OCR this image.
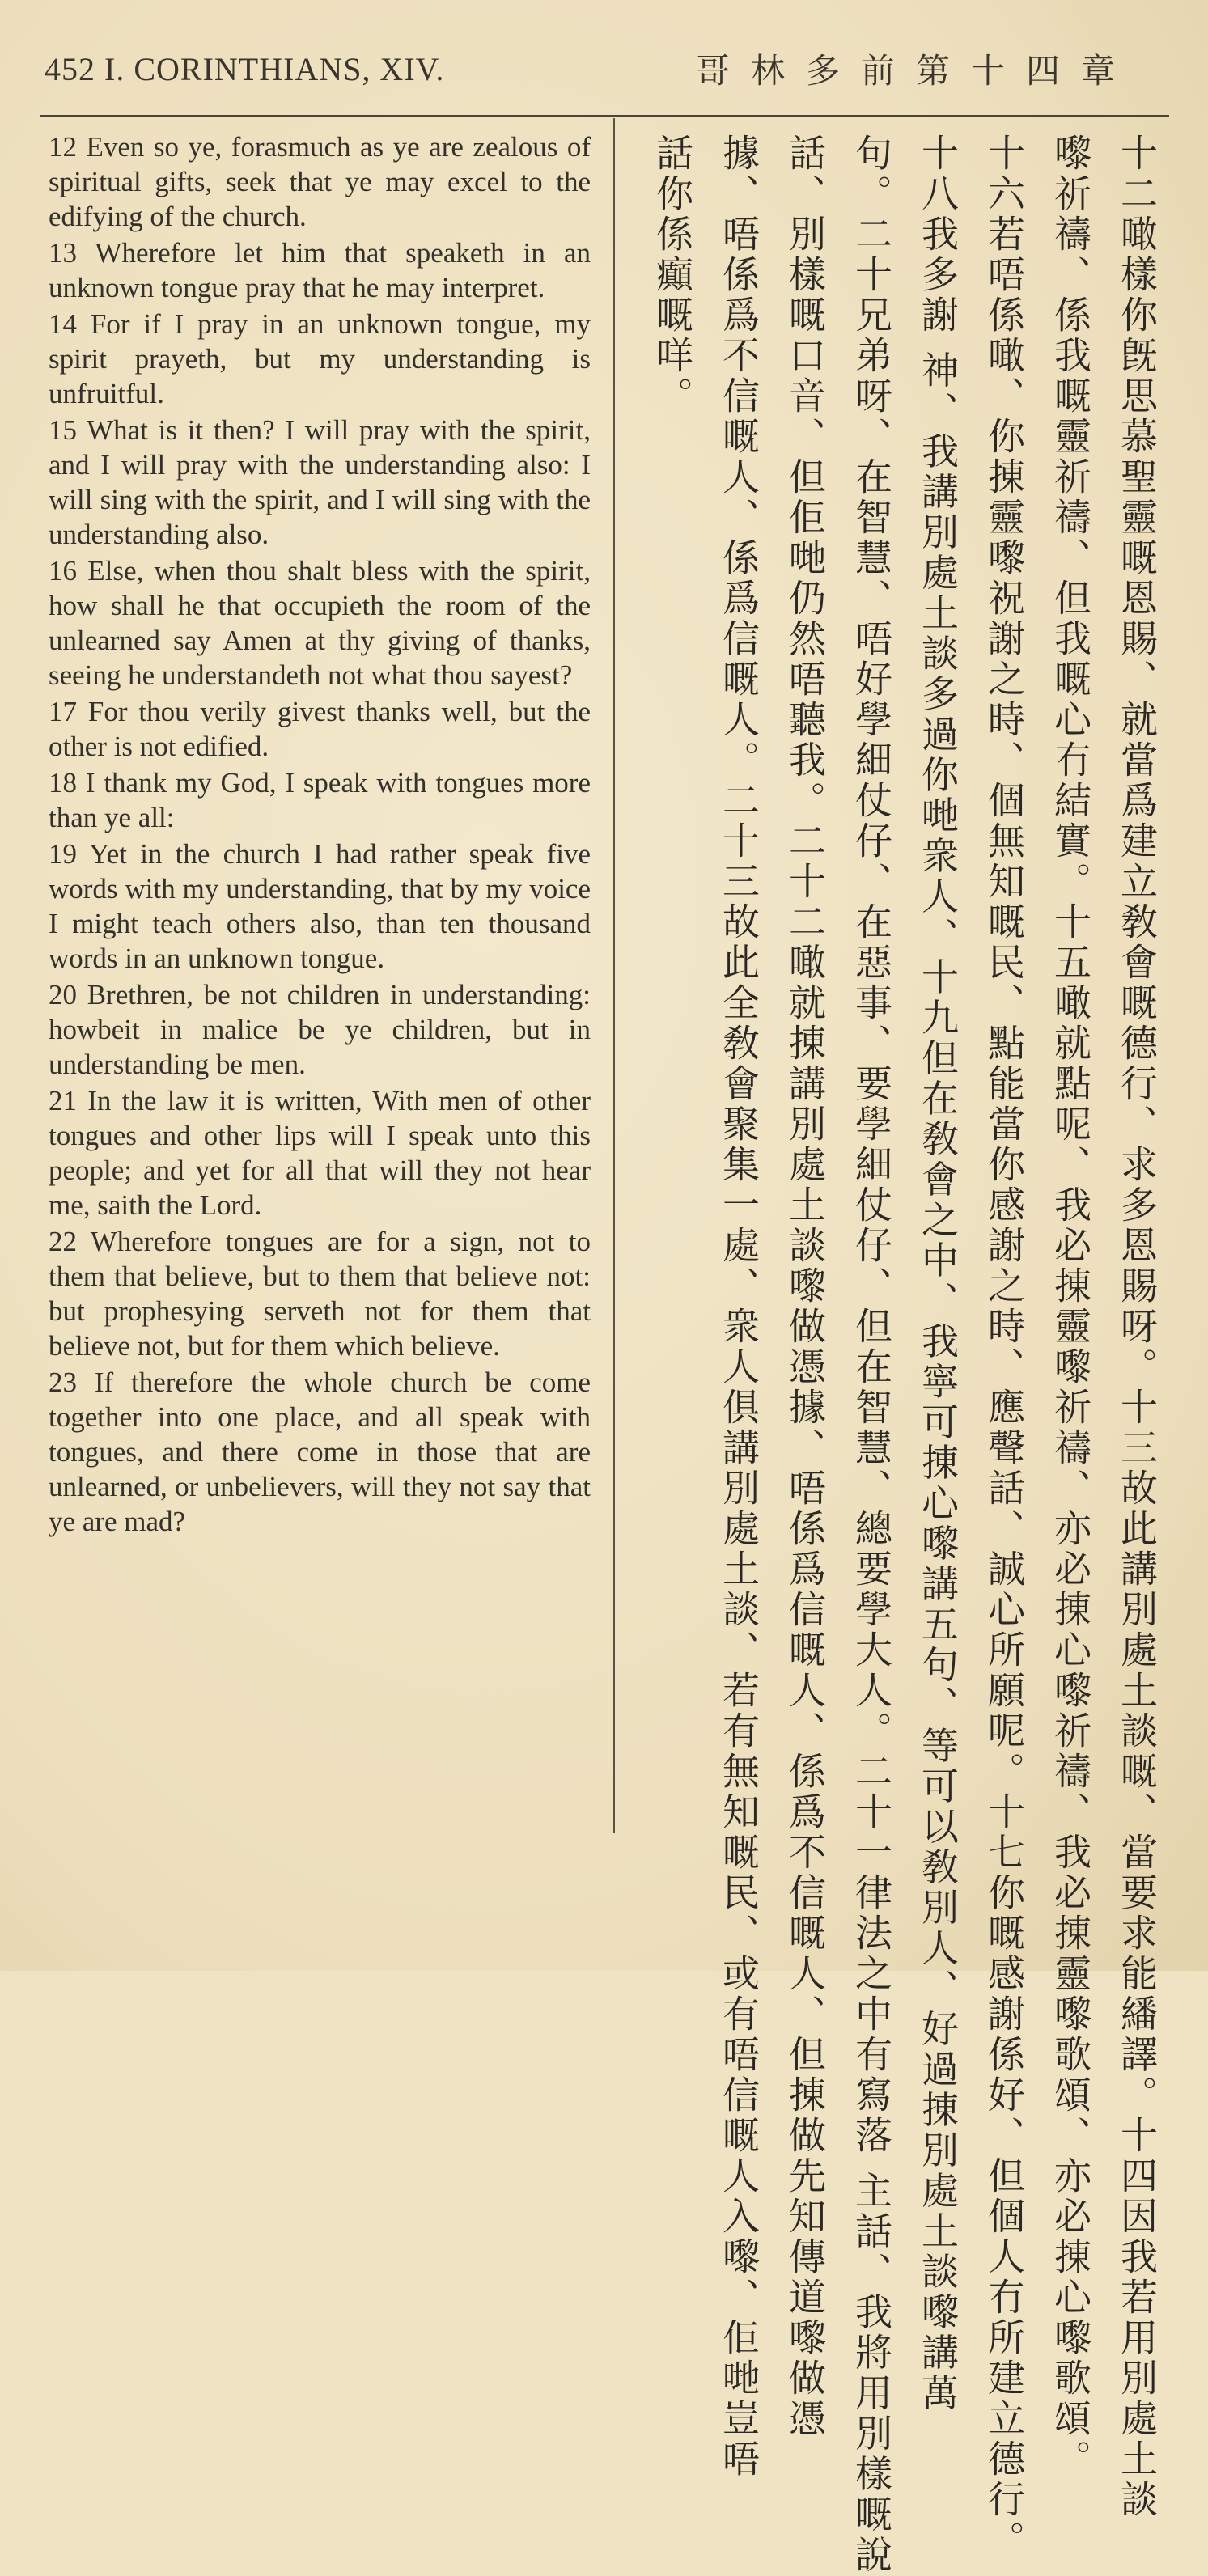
452 I. CORINTHIANS, XIV.	哥林多前第十四章

12 Even so ye, forasmuch as ye are zealous of spiritual gifts, seek that ye may excel to the edifying of the church.

13 Wherefore let him that speaketh in an unknown tongue pray that he may interpret.

14 For if I pray in an unknown tongue, my spirit prayeth, but my understanding is unfruitful.

15 What is it then? I will pray with the spirit, and I will pray with the understanding also: I will sing with the spirit, and I will sing with the understanding also.

16 Else, when thou shalt bless with the spirit, how shall he that occupieth the room of the unlearned say Amen at thy giving of thanks, seeing he understandeth not what thou sayest?

17 For thou verily givest thanks well, but the other is not edified.

18 I thank my God, I speak with tongues more than ye all:

19 Yet in the church I had rather speak five words with my understanding, that by my voice I might teach others also, than ten thousand words in an unknown tongue.

20 Brethren, be not children in understanding: howbeit in malice be ye children, but in understanding be men.

21 In the law it is written, With men of other tongues and other lips will I speak unto this people; and yet for all that will they not hear me, saith the Lord.

22 Wherefore tongues are for a sign, not to them that believe, but to them that believe not: but prophesying serveth not for them that believe not, but for them which believe.

23 If therefore the whole church be come together into one place, and all speak with tongues, and there come in those that are unlearned, or unbelievers, will they not say that ye are mad?	十二噉樣你旣思慕聖靈嘅恩賜、就當爲建立敎會嘅德行、求多恩賜呀。十三故此講別處土談嘅、當要求能繙譯。十四因我若用別處土談
嚟祈禱、係我嘅靈祈禱、但我嘅心冇結實。十五噉就點呢、我必㨂靈嚟祈禱、亦必㨂心嚟祈禱、我必㨂靈嚟歌頌、亦必㨂心嚟歌頌。
十六若唔係噉、你㨂靈嚟祝謝之時、個無知嘅民、點能當你感謝之時、應聲話、誠心所願呢。十七你嘅感謝係好、但個人冇所建立德行。
十八我多謝 神、我講別處土談多過你哋衆人、十九但在敎會之中、我寧可㨂心嚟講五句、等可以敎別人、好過㨂別處土談嚟講萬
句。二十兄弟呀、在智慧、唔好學細仗仔、在惡事、要學細仗仔、但在智慧、總要學大人。二十一律法之中有寫落 主話、我將用別樣嘅說
話、別樣嘅口音、但佢哋仍然唔聽我。二十二噉就㨂講別處土談嚟做憑據、唔係爲信嘅人、係爲不信嘅人、但㨂做先知傳道嚟做憑
據、唔係爲不信嘅人、係爲信嘅人。二十三故此全敎會聚集一處、衆人俱講別處土談、若有無知嘅民、或有唔信嘅人入嚟、佢哋豈唔
話你係癲嘅咩。
